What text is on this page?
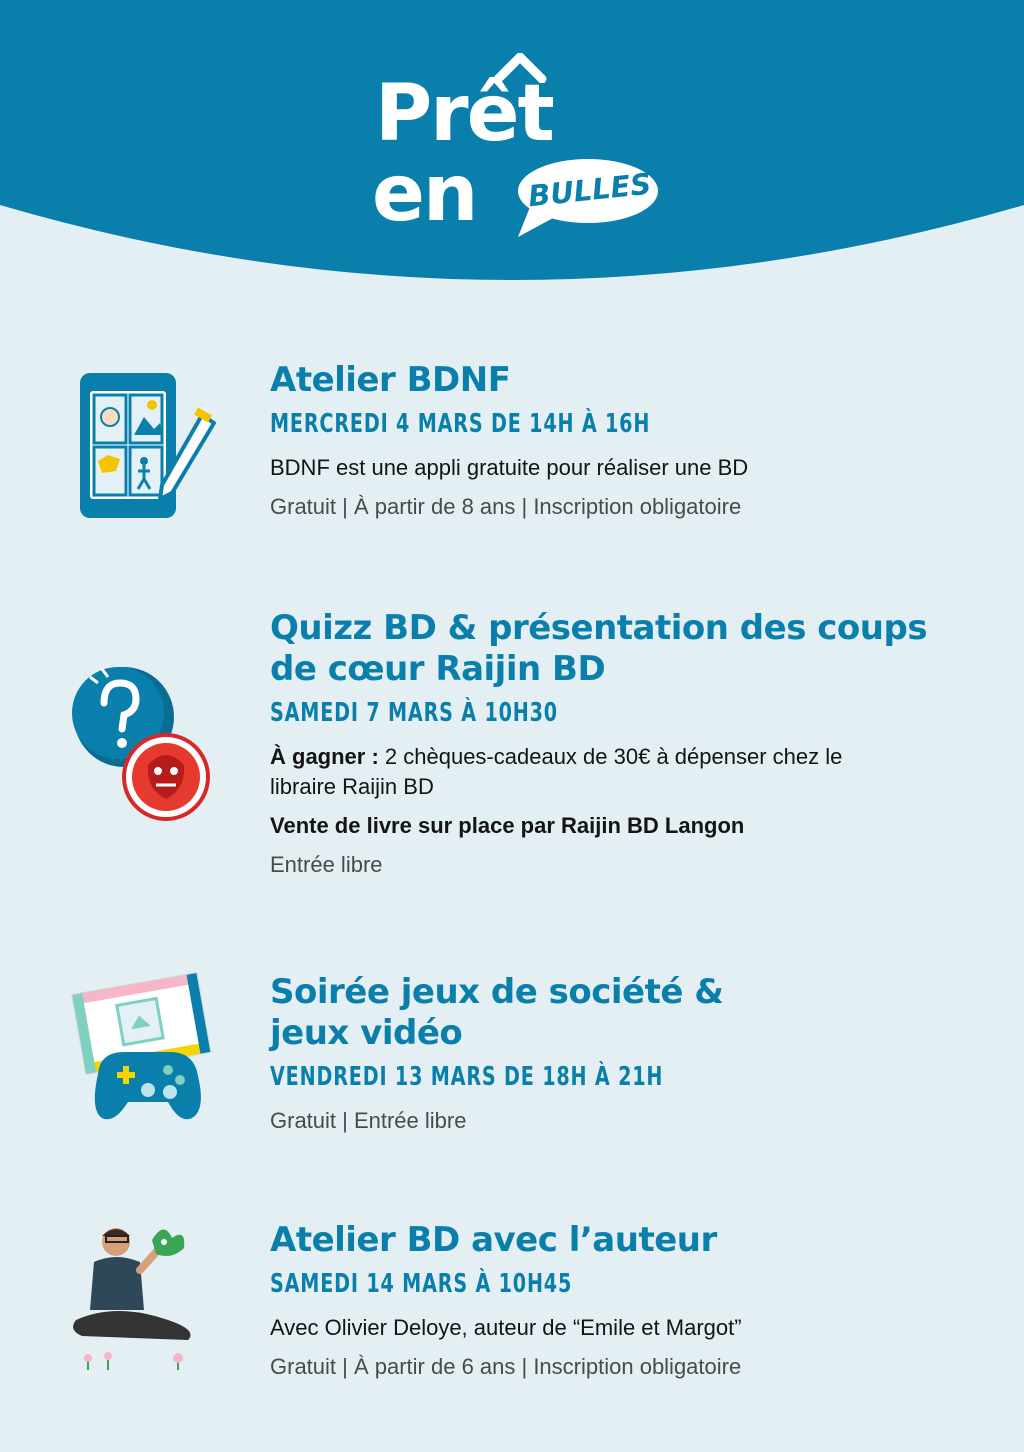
Prêt
en BULLES
Atelier BDNF
MERCREDI 4 MARS DE 14H À 16H

BDNF est une appli gratuite pour réaliser une BD

Gratuit | À partir de 8 ans | Inscription obligatoire

Quizz BD & présentation des coups de cœur Raijin BD
SAMEDI 7 MARS À 10H30

À gagner : 2 chèques-cadeaux de 30€ à dépenser chez le libraire Raijin BD

Vente de livre sur place par Raijin BD Langon

Entrée libre

Soirée jeux de société &
jeux vidéo
VENDREDI 13 MARS DE 18H À 21H

Gratuit | Entrée libre

Atelier BD avec l’auteur
SAMEDI 14 MARS À 10H45

Avec Olivier Deloye, auteur de “Emile et Margot”

Gratuit | À partir de 6 ans | Inscription obligatoire
